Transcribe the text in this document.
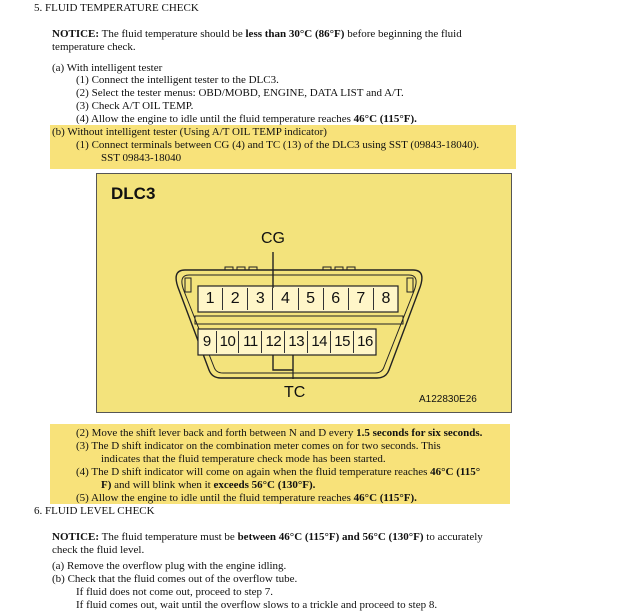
5. FLUID TEMPERATURE CHECK
NOTICE: The fluid temperature should be less than 30°C (86°F) before beginning the fluid
temperature check.
(a) With intelligent tester
(1) Connect the intelligent tester to the DLC3.
(2) Select the tester menus: OBD/MOBD, ENGINE, DATA LIST and A/T.
(3) Check A/T OIL TEMP.
(4) Allow the engine to idle until the fluid temperature reaches 46°C (115°F).
(b) Without intelligent tester (Using A/T OIL TEMP indicator)
(1) Connect terminals between CG (4) and TC (13) of the DLC3 using SST (09843-18040).
SST 09843-18040
DLC3
CG
TC
1	2	3	4	5	6	7	8
9 10 11 12 13 14 15 16
A122830E26
(2) Move the shift lever back and forth between N and D every 1.5 seconds for six seconds.
(3) The D shift indicator on the combination meter comes on for two seconds. This
indicates that the fluid temperature check mode has been started.
(4) The D shift indicator will come on again when the fluid temperature reaches 46°C (115°
F) and will blink when it exceeds 56°C (130°F).
(5) Allow the engine to idle until the fluid temperature reaches 46°C (115°F).
6. FLUID LEVEL CHECK
NOTICE: The fluid temperature must be between 46°C (115°F) and 56°C (130°F) to accurately
check the fluid level.
(a) Remove the overflow plug with the engine idling.
(b) Check that the fluid comes out of the overflow tube.
If fluid does not come out, proceed to step 7.
If fluid comes out, wait until the overflow slows to a trickle and proceed to step 8.
